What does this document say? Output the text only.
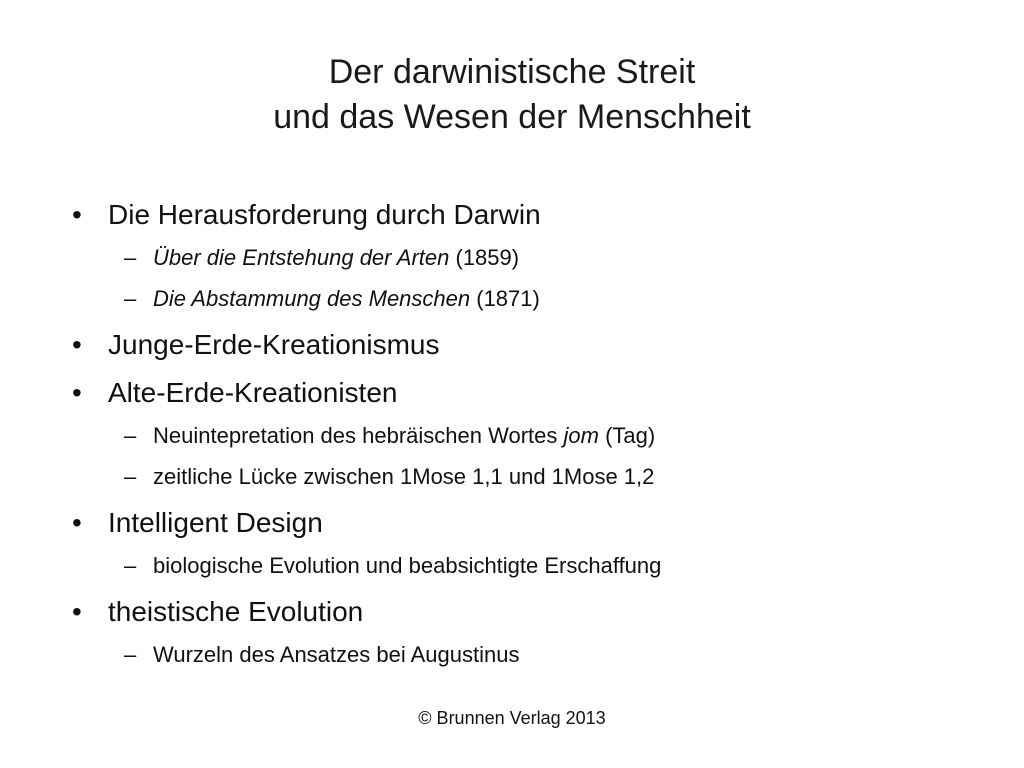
Der darwinistische Streit
und das Wesen der Menschheit
• Die Herausforderung durch Darwin
– Über die Entstehung der Arten (1859)
– Die Abstammung des Menschen (1871)
• Junge-Erde-Kreationismus
• Alte-Erde-Kreationisten
– Neuintepretation des hebräischen Wortes jom (Tag)
– zeitliche Lücke zwischen 1Mose 1,1 und 1Mose 1,2
• Intelligent Design
– biologische Evolution und beabsichtigte Erschaffung
• theistische Evolution
– Wurzeln des Ansatzes bei Augustinus
© Brunnen Verlag 2013
